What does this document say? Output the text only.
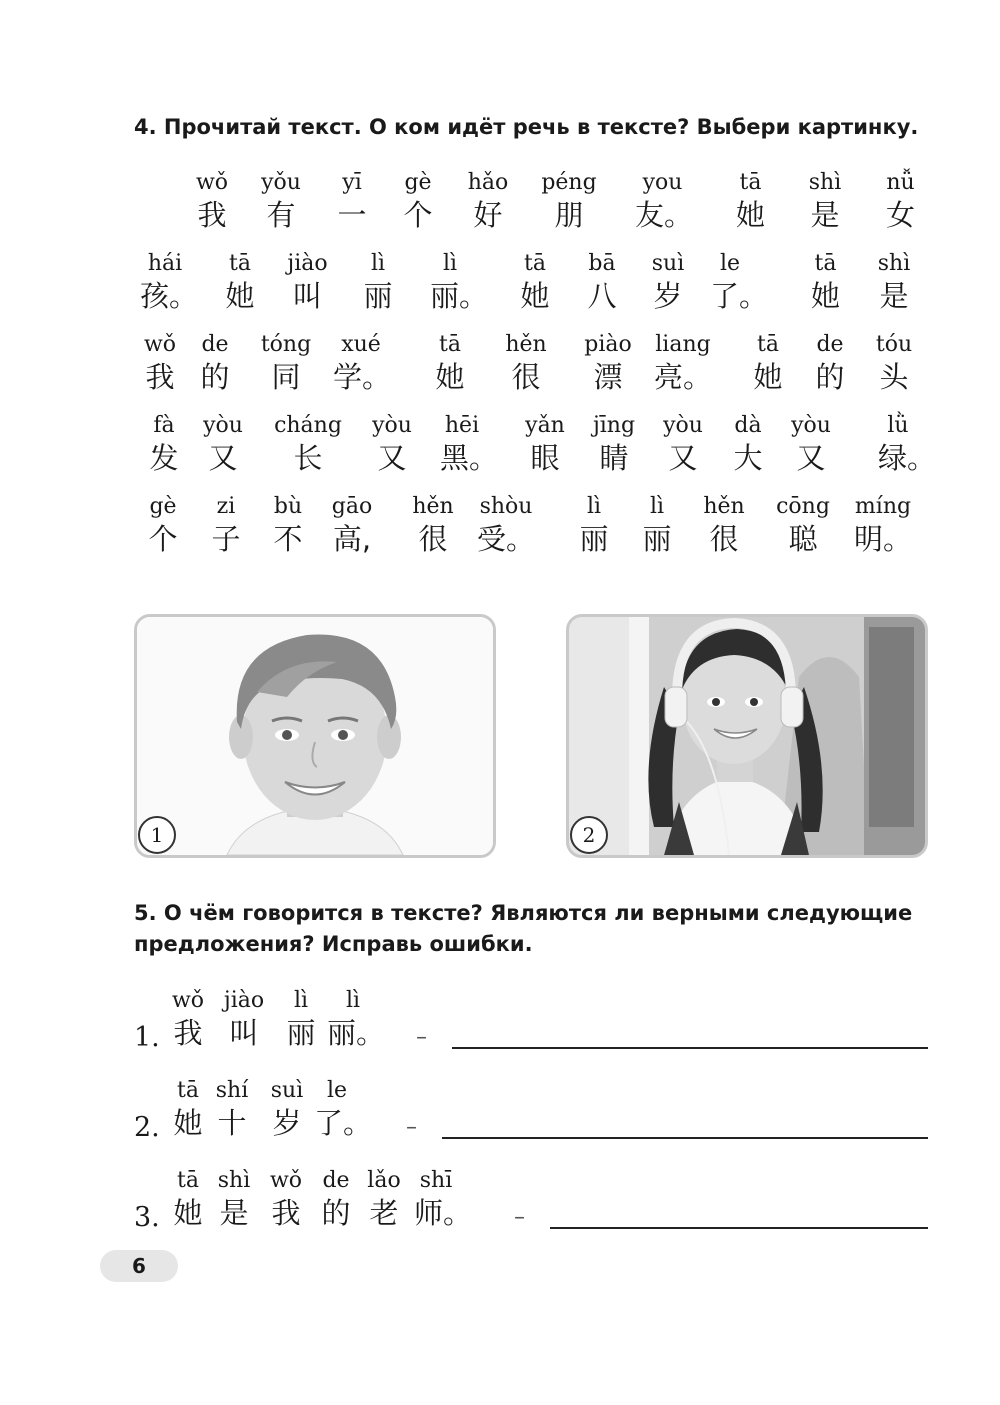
4. Прочитай текст. О ком идёт речь в тексте? Выбери картинку.
wǒ
我
yǒu
有
yī
一
gè
个
hǎo
好
péng
朋
you
友。
tā
她
shì
是
nǚ
女
hái
孩。
tā
她
jiào
叫
lì
丽
lì
丽。
tā
她
bā
八
suì
岁
le
了。
tā
她
shì
是
wǒ
我
de
的
tóng
同
xué
学。
tā
她
hěn
很
piào
漂
liang
亮。
tā
她
de
的
tóu
头
fà
发
yòu
又
cháng
长
yòu
又
hēi
黑。
yǎn
眼
jīng
睛
yòu
又
dà
大
yòu
又
lǜ
绿。
gè
个
zi
子
bù
不
gāo
高,
hěn
很
shòu
受。
lì
丽
lì
丽
hěn
很
cōng
聪
míng
明。
1	2
5. О чём говорится в тексте? Являются ли верными следующие предложения? Исправь ошибки.
1.
wǒ
我
jiào
叫
lì
丽
lì
丽。 –
2.
tā
她
shí
十
suì
岁
le
了。 –
3.
tā
她
shì
是
wǒ
我
de
的
lǎo
老
shī
师。 –
6
